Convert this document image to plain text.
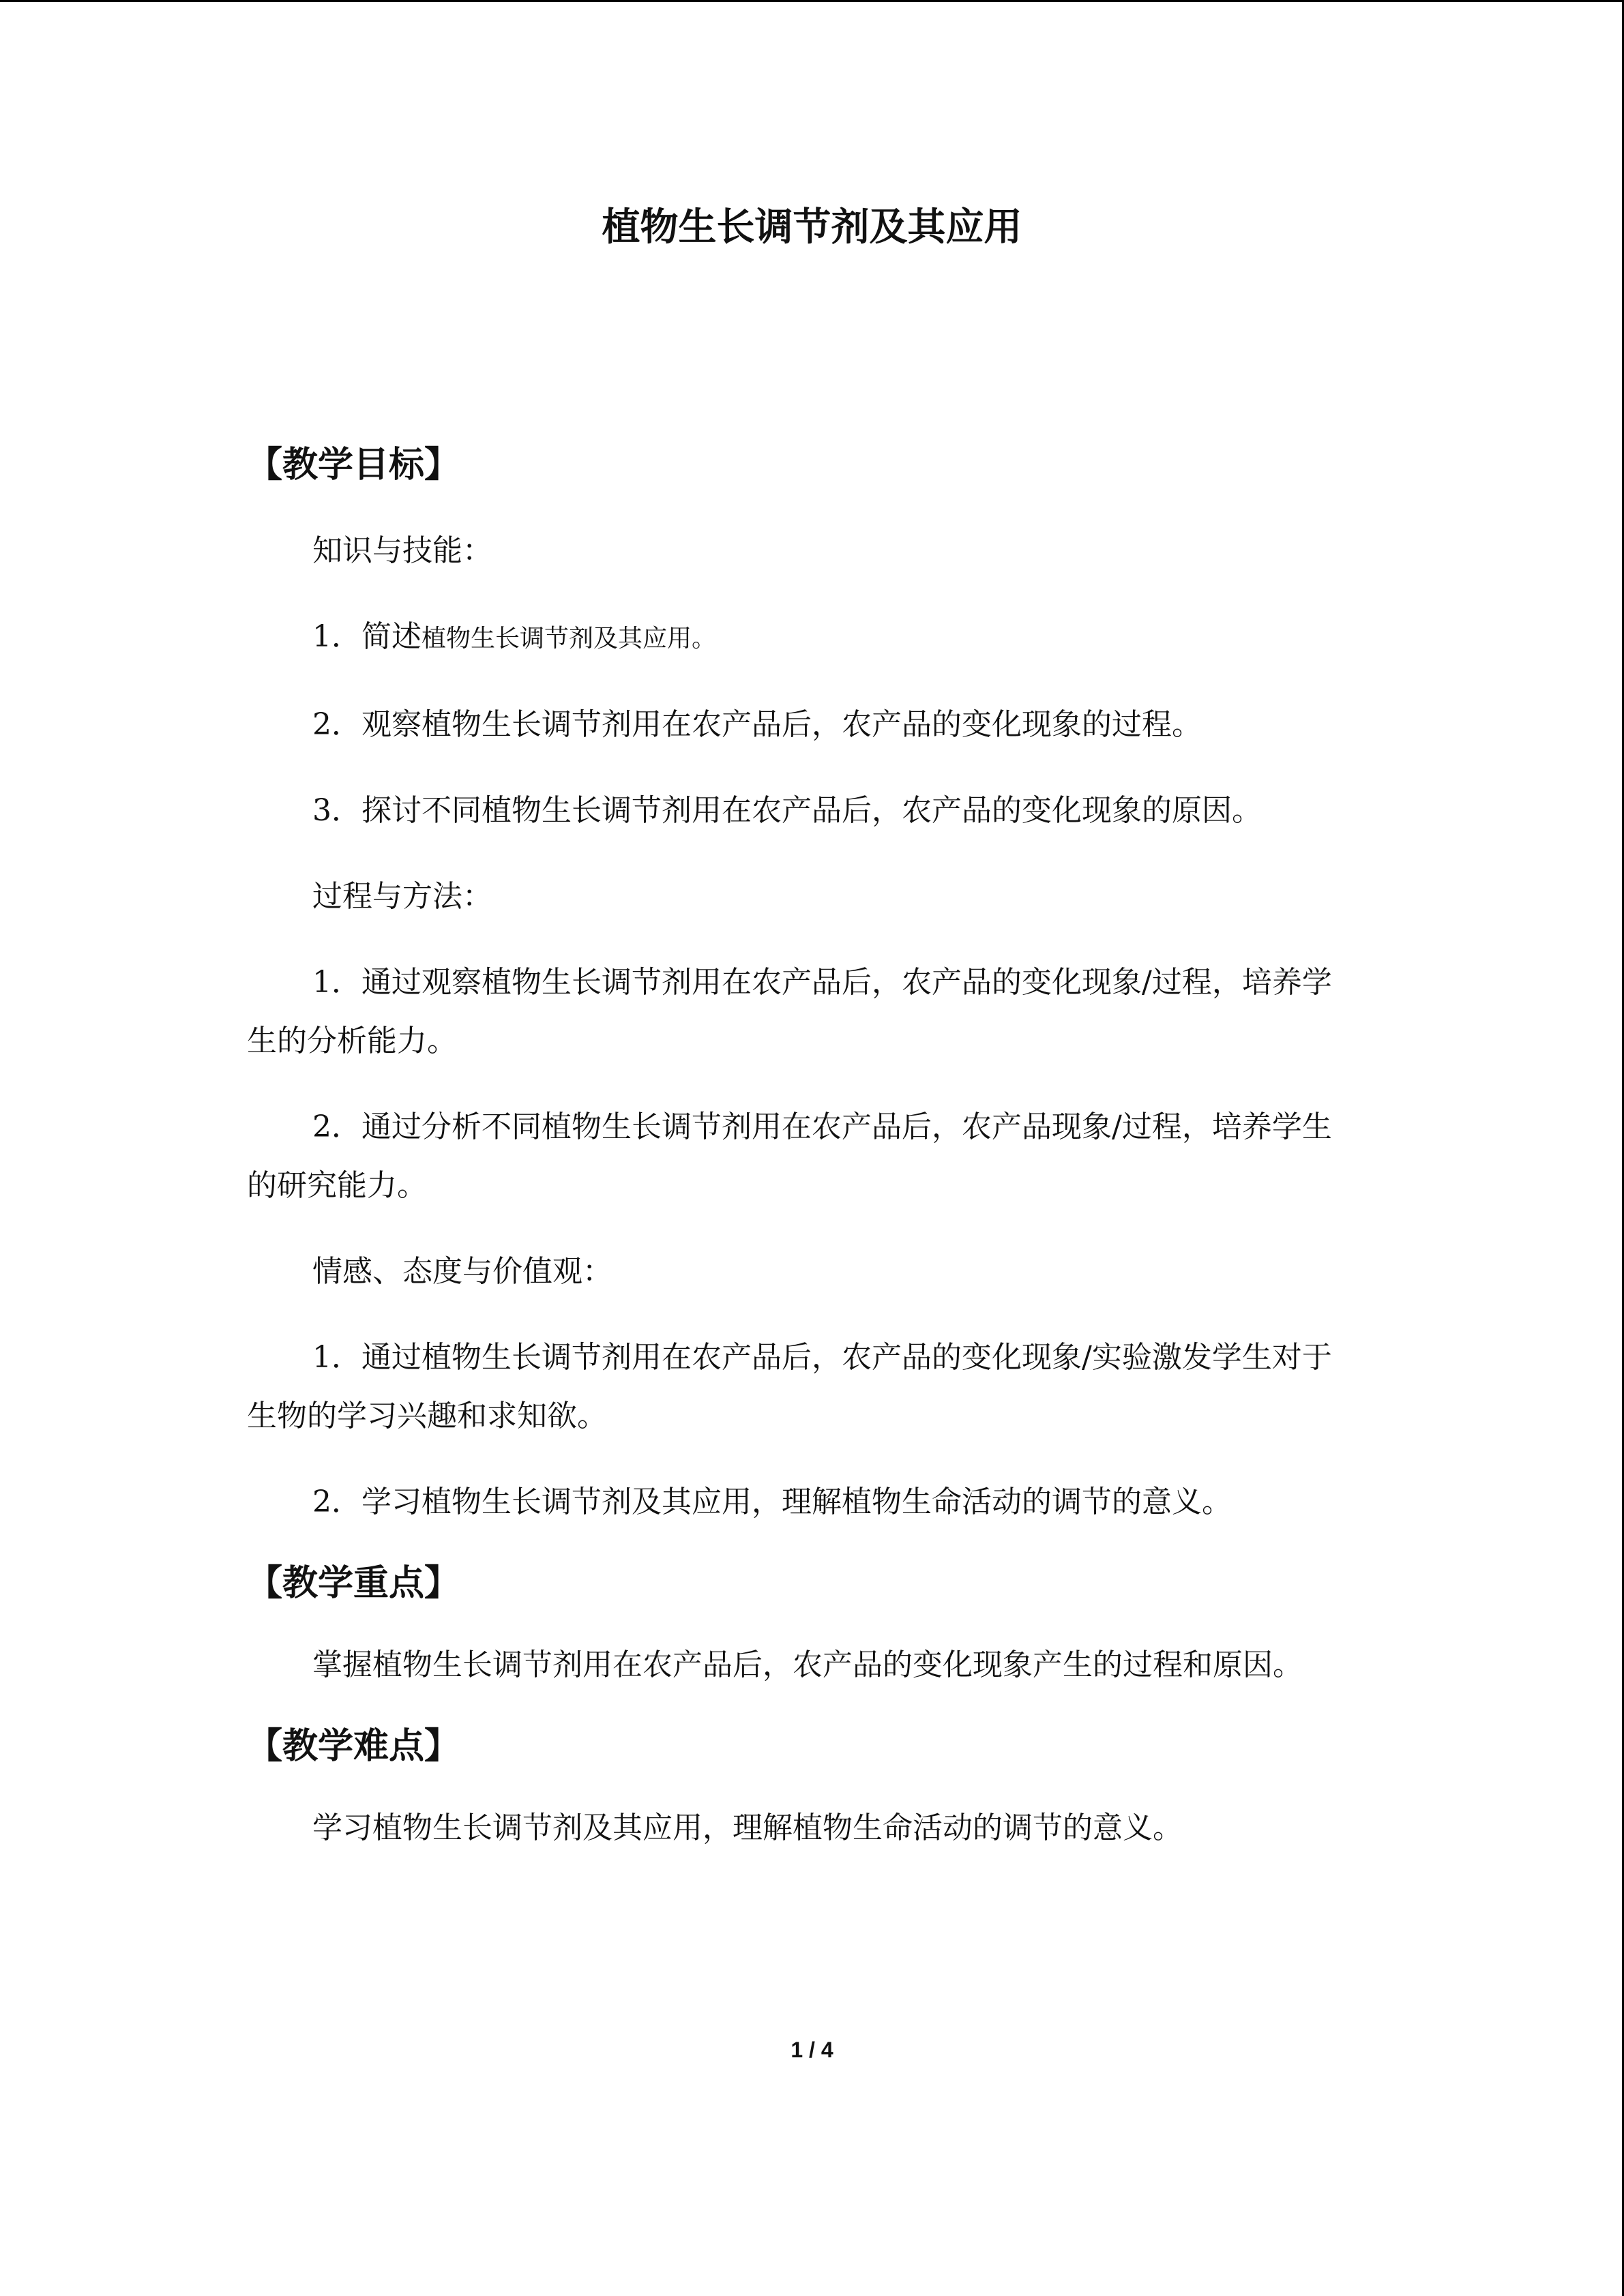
植物生长调节剂及其应用

【教学目标】

知识与技能：

1．简述植物生长调节剂及其应用。

2．观察植物生长调节剂用在农产品后，农产品的变化现象的过程。

3．探讨不同植物生长调节剂用在农产品后，农产品的变化现象的原因。

过程与方法：

1．通过观察植物生长调节剂用在农产品后，农产品的变化现象/过程，培养学生的分析能力。

2．通过分析不同植物生长调节剂用在农产品后，农产品现象/过程，培养学生的研究能力。

情感、态度与价值观：

1．通过植物生长调节剂用在农产品后，农产品的变化现象/实验激发学生对于生物的学习兴趣和求知欲。

2．学习植物生长调节剂及其应用，理解植物生命活动的调节的意义。

【教学重点】

掌握植物生长调节剂用在农产品后，农产品的变化现象产生的过程和原因。

【教学难点】

学习植物生长调节剂及其应用，理解植物生命活动的调节的意义。

1 / 4
